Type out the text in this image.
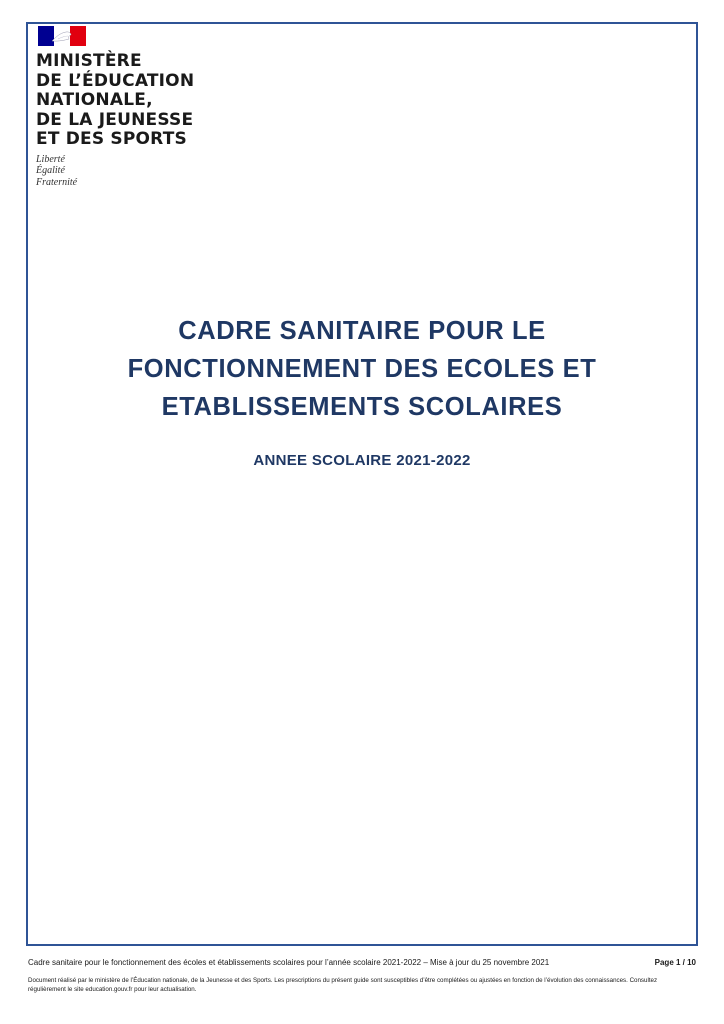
MINISTÈRE
DE L’ÉDUCATION
NATIONALE,
DE LA JEUNESSE
ET DES SPORTS
Liberté
Égalité
Fraternité
CADRE SANITAIRE POUR LE
FONCTIONNEMENT DES ECOLES ET
ETABLISSEMENTS SCOLAIRES
ANNEE SCOLAIRE 2021-2022
Cadre sanitaire pour le fonctionnement des écoles et établissements scolaires pour l’année scolaire 2021-2022 – Mise à jour du 25 novembre 2021	Page 1 / 10
Document réalisé par le ministère de l’Éducation nationale, de la Jeunesse et des Sports. Les prescriptions du présent guide sont susceptibles d’être complétées ou ajustées en fonction de l’évolution des connaissances. Consultez régulièrement le site education.gouv.fr pour leur actualisation.
